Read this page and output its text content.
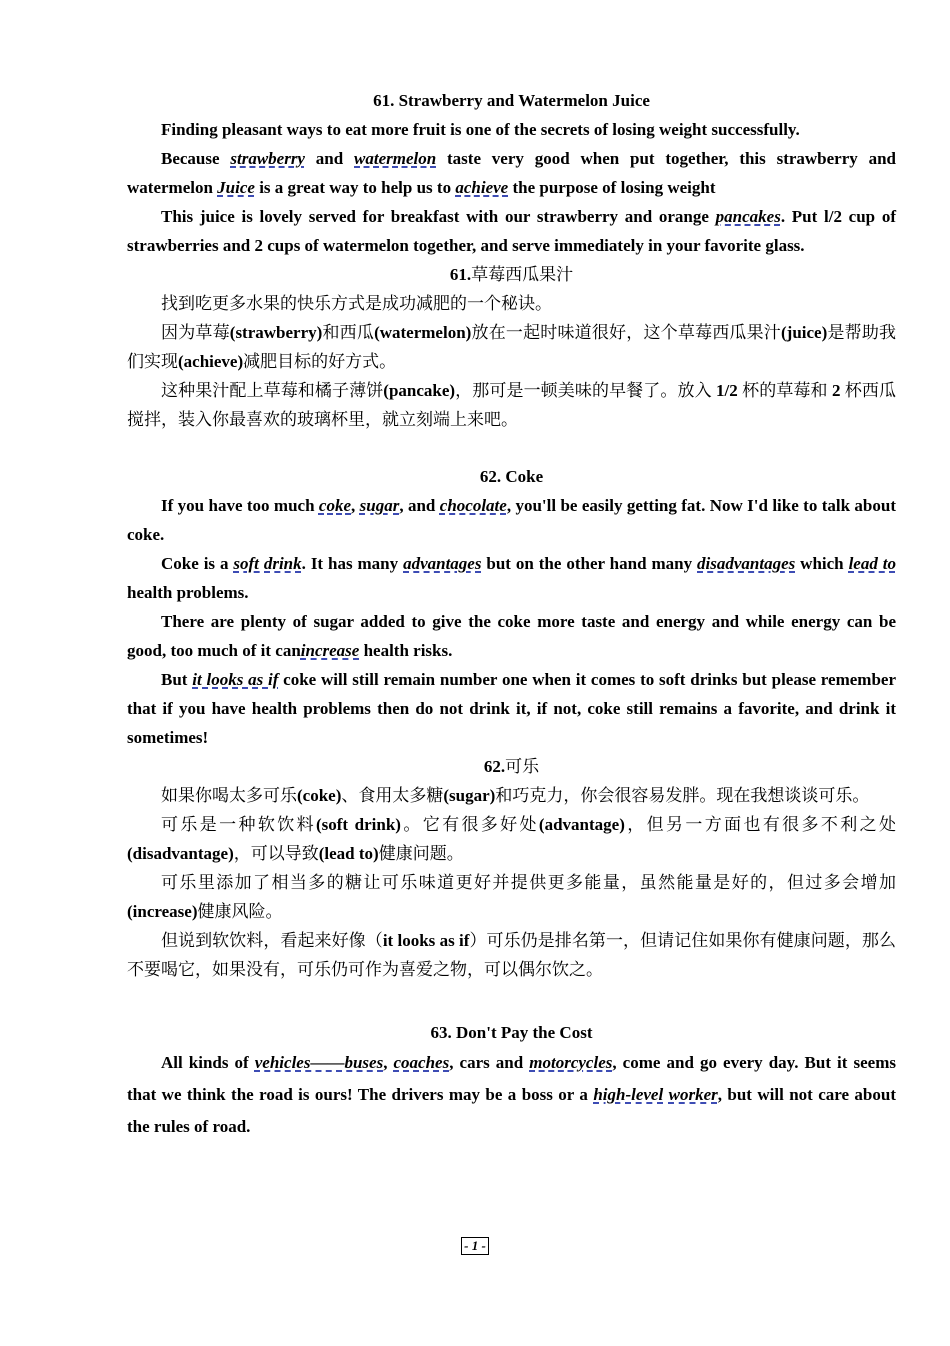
61. Strawberry and Watermelon Juice

Finding pleasant ways to eat more fruit is one of the secrets of losing weight successfully.

Because strawberry and watermelon taste very good when put together, this strawberry and watermelon Juice is a great way to help us to achieve the purpose of losing weight

This juice is lovely served for breakfast with our strawberry and orange pancakes. Put l/2 cup of strawberries and 2 cups of watermelon together, and serve immediately in your favorite glass.

61.草莓西瓜果汁

找到吃更多水果的快乐方式是成功减肥的一个秘诀。

因为草莓(strawberry)和西瓜(watermelon)放在一起时味道很好，这个草莓西瓜果汁(juice)是帮助我们实现(achieve)减肥目标的好方式。

这种果汁配上草莓和橘子薄饼(pancake)，那可是一顿美味的早餐了。放入 1/2 杯的草莓和 2 杯西瓜搅拌，装入你最喜欢的玻璃杯里，就立刻端上来吧。

62. Coke

If you have too much coke, sugar, and chocolate, you'll be easily getting fat. Now I'd like to talk about coke.

Coke is a soft drink. It has many advantages but on the other hand many disadvantages which lead to health problems.

There are plenty of sugar added to give the coke more taste and energy and while energy can be good, too much of it canincrease health risks.

But it looks as if coke will still remain number one when it comes to soft drinks but please remember that if you have health problems then do not drink it, if not, coke still remains a favorite, and drink it sometimes!

62.可乐

如果你喝太多可乐(coke)、食用太多糖(sugar)和巧克力，你会很容易发胖。现在我想谈谈可乐。

可乐是一种软饮料(soft drink)。它有很多好处(advantage)，但另一方面也有很多不利之处(disadvantage)，可以导致(lead to)健康问题。

可乐里添加了相当多的糖让可乐味道更好并提供更多能量，虽然能量是好的，但过多会增加(increase)健康风险。

但说到软饮料，看起来好像（it looks as if）可乐仍是排名第一，但请记住如果你有健康问题，那么不要喝它，如果没有，可乐仍可作为喜爱之物，可以偶尔饮之。

63. Don't Pay the Cost

All kinds of vehicles——buses, coaches, cars and motorcycles, come and go every day. But it seems that we think the road is ours! The drivers may be a boss or a high-level worker, but will not care about the rules of road.

- 1 -
